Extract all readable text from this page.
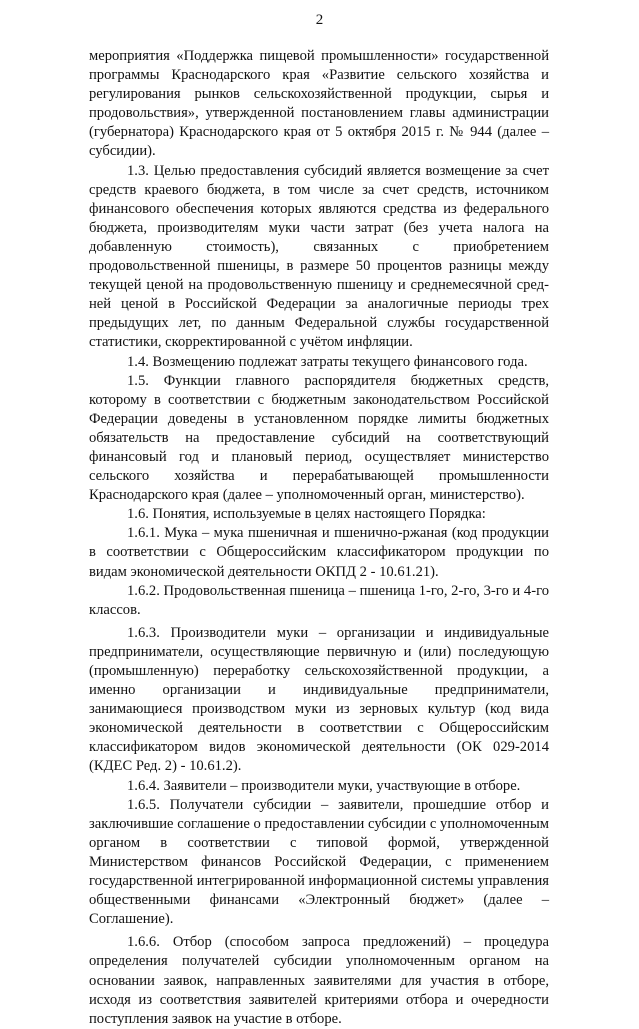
2

мероприятия «Поддержка пищевой промышленности» государственной программы Краснодарского края «Развитие сельского хозяйства и регулирования рынков сельскохозяйственной продукции, сырья и продовольствия», утвержденной постановлением главы администрации (губернатора) Краснодарского края от 5 октября 2015 г. № 944 (далее – субсидии).

1.3. Целью предоставления субсидий является возмещение за счет средств краевого бюджета, в том числе за счет средств, источником финансового обеспечения которых являются средства из федерального бюджета, производителям муки части затрат (без учета налога на добавленную стоимость), связанных с приобретением продовольственной пшеницы, в размере 50 процентов разницы между текущей ценой на продовольственную пшеницу и среднемесячной средней ценой в Российской Федерации за аналогичные периоды трех предыдущих лет, по данным Федеральной службы государственной статистики, скорректированной с учётом инфляции.

1.4. Возмещению подлежат затраты текущего финансового года.

1.5. Функции главного распорядителя бюджетных средств, которому в соответствии с бюджетным законодательством Российской Федерации доведены в установленном порядке лимиты бюджетных обязательств на предоставление субсидий на соответствующий финансовый год и плановый период, осуществляет министерство сельского хозяйства и перерабатывающей промышленности Краснодарского края (далее – уполномоченный орган, министерство).

1.6. Понятия, используемые в целях настоящего Порядка:

1.6.1. Мука – мука пшеничная и пшенично-ржаная (код продукции в соответствии с Общероссийским классификатором продукции по видам экономической деятельности ОКПД 2 - 10.61.21).

1.6.2. Продовольственная пшеница – пшеница 1-го, 2-го, 3-го и 4-го классов.

1.6.3. Производители муки – организации и индивидуальные предприниматели, осуществляющие первичную и (или) последующую (промышленную) переработку сельскохозяйственной продукции, а именно организации и индивидуальные предприниматели, занимающиеся производством муки из зерновых культур (код вида экономической деятельности в соответствии с Общероссийским классификатором видов экономической деятельности (ОК 029-2014 (КДЕС Ред. 2) - 10.61.2).

1.6.4. Заявители – производители муки, участвующие в отборе.

1.6.5. Получатели субсидии – заявители, прошедшие отбор и заключившие соглашение о предоставлении субсидии с уполномоченным органом в соответствии с типовой формой, утвержденной Министерством финансов Российской Федерации, с применением государственной интегрированной информационной системы управления общественными финансами «Электронный бюджет» (далее – Соглашение).

1.6.6. Отбор (способом запроса предложений) – процедура определения получателей субсидии уполномоченным органом на основании заявок, направленных заявителями для участия в отборе, исходя из соответствия заявителей критериями отбора и очередности поступления заявок на участие в отборе.
